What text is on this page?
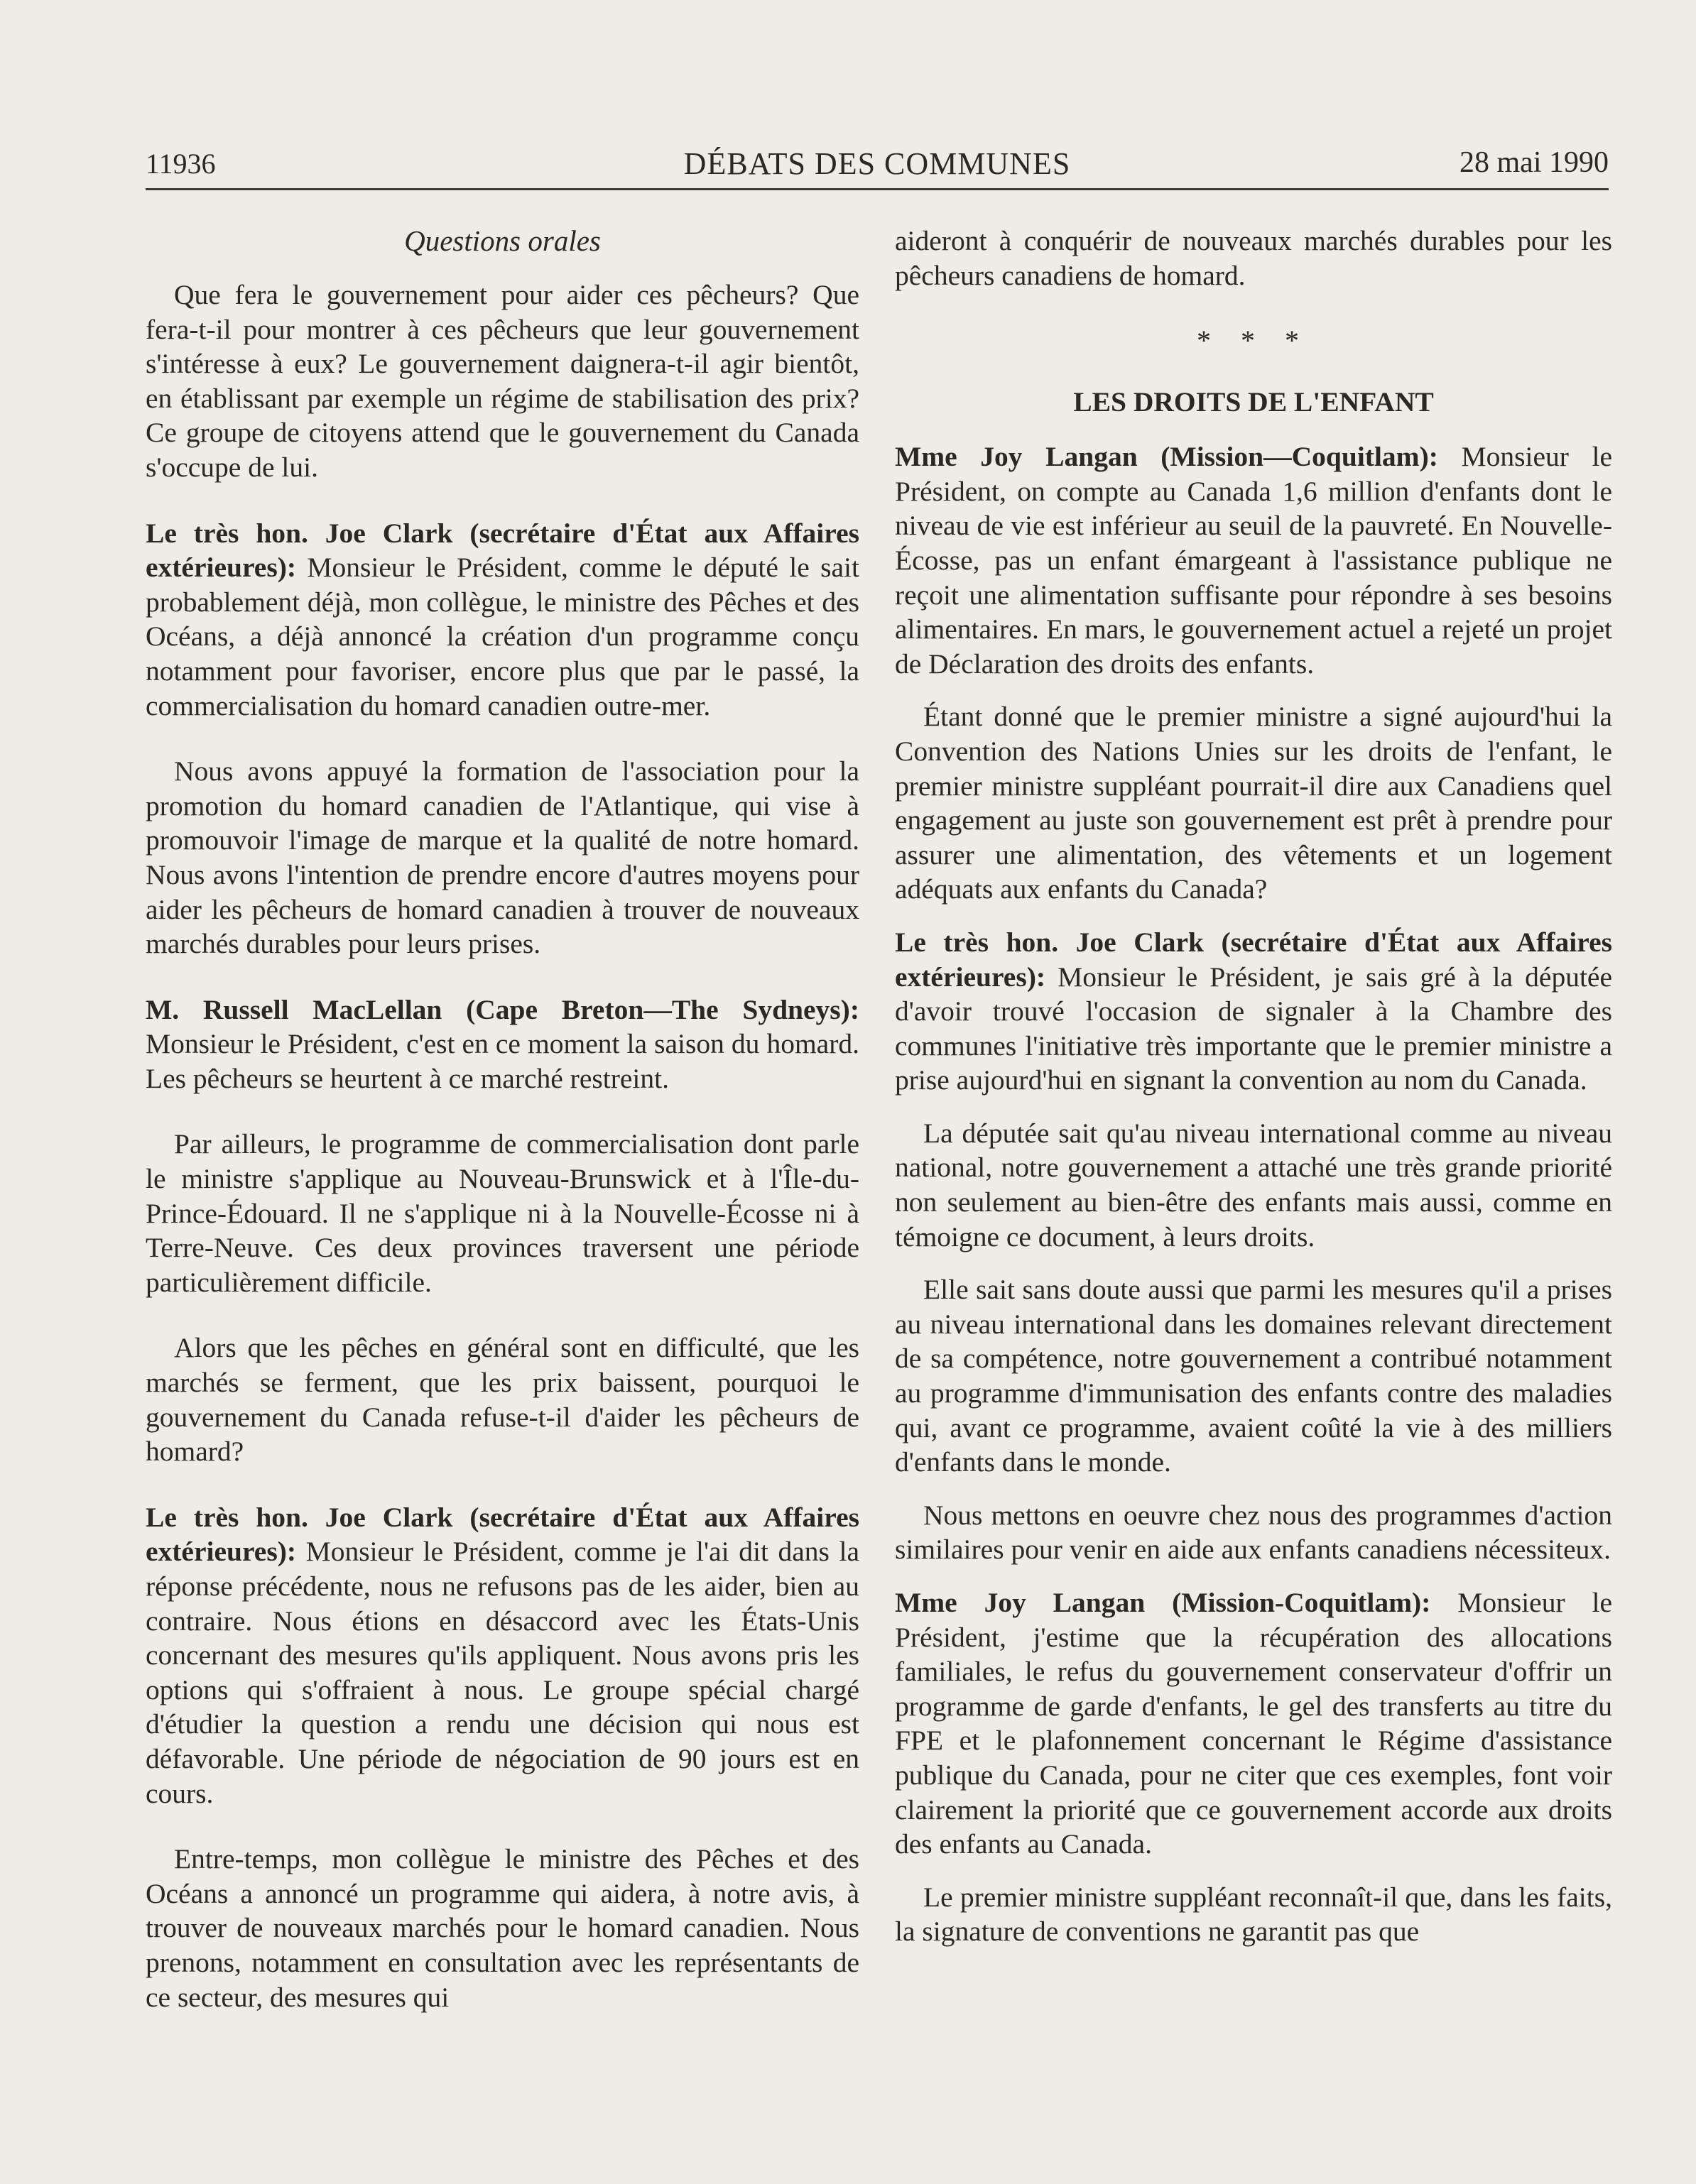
11936	DÉBATS DES COMMUNES	28 mai 1990
Questions orales

Que fera le gouvernement pour aider ces pêcheurs? Que fera-t-il pour montrer à ces pêcheurs que leur gouvernement s'intéresse à eux? Le gouvernement daignera-t-il agir bientôt, en établissant par exemple un régime de stabilisation des prix? Ce groupe de citoyens attend que le gouvernement du Canada s'occupe de lui.

Le très hon. Joe Clark (secrétaire d'État aux Affaires extérieures): Monsieur le Président, comme le député le sait probablement déjà, mon collègue, le ministre des Pêches et des Océans, a déjà annoncé la création d'un programme conçu notamment pour favoriser, encore plus que par le passé, la commercialisation du homard canadien outre-mer.

Nous avons appuyé la formation de l'association pour la promotion du homard canadien de l'Atlantique, qui vise à promouvoir l'image de marque et la qualité de notre homard. Nous avons l'intention de prendre encore d'autres moyens pour aider les pêcheurs de homard canadien à trouver de nouveaux marchés durables pour leurs prises.

M. Russell MacLellan (Cape Breton—The Sydneys): Monsieur le Président, c'est en ce moment la saison du homard. Les pêcheurs se heurtent à ce marché restreint.

Par ailleurs, le programme de commercialisation dont parle le ministre s'applique au Nouveau-Brunswick et à l'Île-du-Prince-Édouard. Il ne s'applique ni à la Nouvelle-Écosse ni à Terre-Neuve. Ces deux provinces traversent une période particulièrement difficile.

Alors que les pêches en général sont en difficulté, que les marchés se ferment, que les prix baissent, pourquoi le gouvernement du Canada refuse-t-il d'aider les pêcheurs de homard?

Le très hon. Joe Clark (secrétaire d'État aux Affaires extérieures): Monsieur le Président, comme je l'ai dit dans la réponse précédente, nous ne refusons pas de les aider, bien au contraire. Nous étions en désaccord avec les États-Unis concernant des mesures qu'ils appliquent. Nous avons pris les options qui s'offraient à nous. Le groupe spécial chargé d'étudier la question a rendu une décision qui nous est défavorable. Une période de négociation de 90 jours est en cours.

Entre-temps, mon collègue le ministre des Pêches et des Océans a annoncé un programme qui aidera, à notre avis, à trouver de nouveaux marchés pour le homard canadien. Nous prenons, notamment en consultation avec les représentants de ce secteur, des mesures qui

aideront à conquérir de nouveaux marchés durables pour les pêcheurs canadiens de homard.

* * *
LES DROITS DE L'ENFANT

Mme Joy Langan (Mission—Coquitlam): Monsieur le Président, on compte au Canada 1,6 million d'enfants dont le niveau de vie est inférieur au seuil de la pauvreté. En Nouvelle-Écosse, pas un enfant émargeant à l'assistance publique ne reçoit une alimentation suffisante pour répondre à ses besoins alimentaires. En mars, le gouvernement actuel a rejeté un projet de Déclaration des droits des enfants.

Étant donné que le premier ministre a signé aujourd'hui la Convention des Nations Unies sur les droits de l'enfant, le premier ministre suppléant pourrait-il dire aux Canadiens quel engagement au juste son gouvernement est prêt à prendre pour assurer une alimentation, des vêtements et un logement adéquats aux enfants du Canada?

Le très hon. Joe Clark (secrétaire d'État aux Affaires extérieures): Monsieur le Président, je sais gré à la députée d'avoir trouvé l'occasion de signaler à la Chambre des communes l'initiative très importante que le premier ministre a prise aujourd'hui en signant la convention au nom du Canada.

La députée sait qu'au niveau international comme au niveau national, notre gouvernement a attaché une très grande priorité non seulement au bien-être des enfants mais aussi, comme en témoigne ce document, à leurs droits.

Elle sait sans doute aussi que parmi les mesures qu'il a prises au niveau international dans les domaines relevant directement de sa compétence, notre gouvernement a contribué notamment au programme d'immunisation des enfants contre des maladies qui, avant ce programme, avaient coûté la vie à des milliers d'enfants dans le monde.

Nous mettons en oeuvre chez nous des programmes d'action similaires pour venir en aide aux enfants canadiens nécessiteux.

Mme Joy Langan (Mission-Coquitlam): Monsieur le Président, j'estime que la récupération des allocations familiales, le refus du gouvernement conservateur d'offrir un programme de garde d'enfants, le gel des transferts au titre du FPE et le plafonnement concernant le Régime d'assistance publique du Canada, pour ne citer que ces exemples, font voir clairement la priorité que ce gouvernement accorde aux droits des enfants au Canada.

Le premier ministre suppléant reconnaît-il que, dans les faits, la signature de conventions ne garantit pas que
